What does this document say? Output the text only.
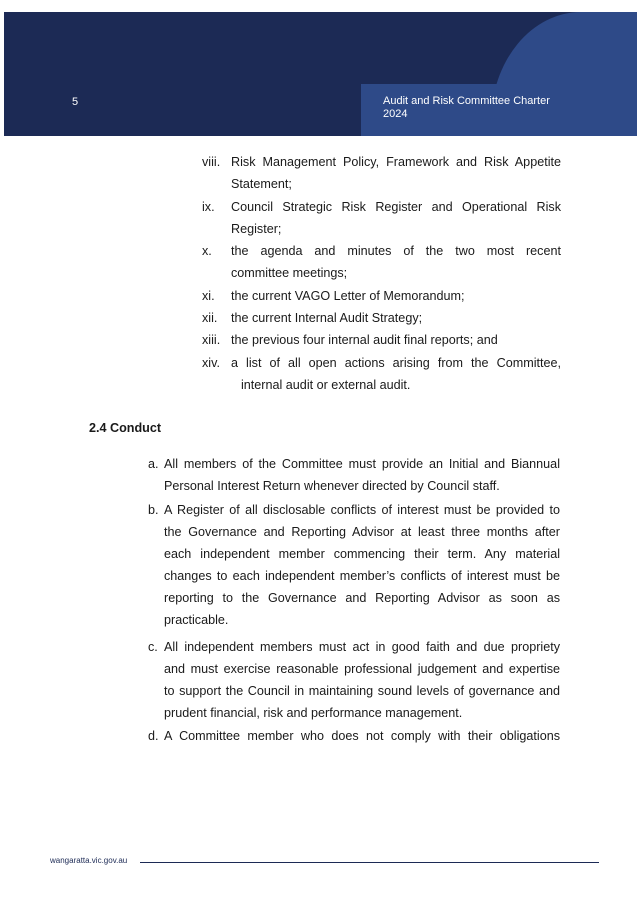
5	Audit and Risk Committee Charter
2024
viii. Risk Management Policy, Framework and Risk Appetite
Statement;
ix. Council Strategic Risk Register and Operational Risk
Register;
x. the agenda and minutes of the two most recent
committee meetings;
xi. the current VAGO Letter of Memorandum;
xii. the current Internal Audit Strategy;
xiii. the previous four internal audit final reports; and
xiv. a list of all open actions arising from the Committee,
internal audit or external audit.
2.4 Conduct
a. All members of the Committee must provide an Initial and Biannual
Personal Interest Return whenever directed by Council staff.
b. A Register of all disclosable conflicts of interest must be provided to
the Governance and Reporting Advisor at least three months after
each independent member commencing their term. Any material
changes to each independent member’s conflicts of interest must be
reporting to the Governance and Reporting Advisor as soon as
practicable.
c. All independent members must act in good faith and due propriety
and must exercise reasonable professional judgement and expertise
to support the Council in maintaining sound levels of governance and
prudent financial, risk and performance management.
d. A Committee member who does not comply with their obligations
wangaratta.vic.gov.au
